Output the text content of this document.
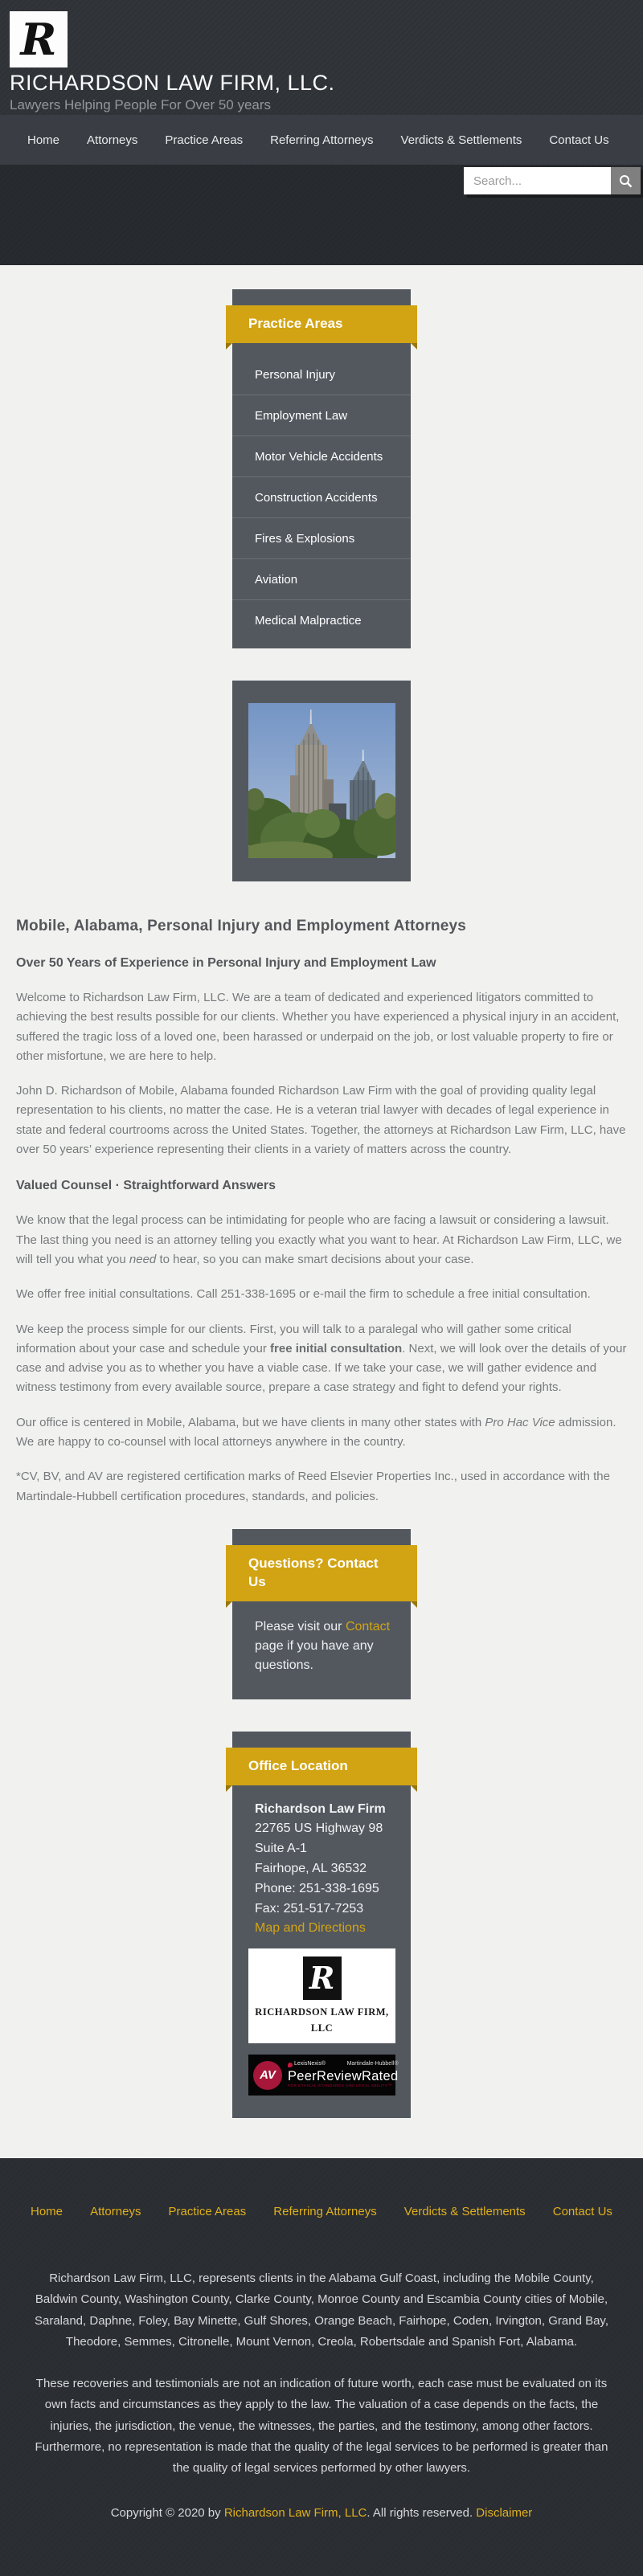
R
RICHARDSON LAW FIRM, LLC.
Lawyers Helping People For Over 50 years
Home Attorneys Practice Areas Referring Attorneys Verdicts & Settlements Contact Us
Search...
Practice Areas
Personal Injury
Employment Law
Motor Vehicle Accidents
Construction Accidents
Fires & Explosions
Aviation
Medical Malpractice
Mobile, Alabama, Personal Injury and Employment Attorneys
Over 50 Years of Experience in Personal Injury and Employment Law

Welcome to Richardson Law Firm, LLC. We are a team of dedicated and experienced litigators committed to achieving the best results possible for our clients. Whether you have experienced a physical injury in an accident, suffered the tragic loss of a loved one, been harassed or underpaid on the job, or lost valuable property to fire or other misfortune, we are here to help.

John D. Richardson of Mobile, Alabama founded Richardson Law Firm with the goal of providing quality legal representation to his clients, no matter the case. He is a veteran trial lawyer with decades of legal experience in state and federal courtrooms across the United States. Together, the attorneys at Richardson Law Firm, LLC, have over 50 years’ experience representing their clients in a variety of matters across the country.

Valued Counsel · Straightforward Answers

We know that the legal process can be intimidating for people who are facing a lawsuit or considering a lawsuit. The last thing you need is an attorney telling you exactly what you want to hear. At Richardson Law Firm, LLC, we will tell you what you need to hear, so you can make smart decisions about your case.

We offer free initial consultations. Call 251-338-1695 or e-mail the firm to schedule a free initial consultation.

We keep the process simple for our clients. First, you will talk to a paralegal who will gather some critical information about your case and schedule your free initial consultation. Next, we will look over the details of your case and advise you as to whether you have a viable case. If we take your case, we will gather evidence and witness testimony from every available source, prepare a case strategy and fight to defend your rights.

Our office is centered in Mobile, Alabama, but we have clients in many other states with Pro Hac Vice admission. We are happy to co-counsel with local attorneys anywhere in the country.

*CV, BV, and AV are registered certification marks of Reed Elsevier Properties Inc., used in accordance with the Martindale-Hubbell certification procedures, standards, and policies.

Questions? Contact Us
Please visit our Contact page if you have any questions.
Office Location
Richardson Law Firm
22765 US Highway 98
Suite A-1
Fairhope, AL 36532
Phone: 251-338-1695
Fax: 251-517-7253
Map and Directions
R
RICHARDSON LAW FIRM, LLC
AV
LexisNexis®	Martindale-Hubbell®
PeerReviewRated
FOR ETHICAL STANDARDS AND LEGAL ABILITY™
Home Attorneys Practice Areas Referring Attorneys Verdicts & Settlements Contact Us

Richardson Law Firm, LLC, represents clients in the Alabama Gulf Coast, including the Mobile County, Baldwin County, Washington County, Clarke County, Monroe County and Escambia County cities of Mobile, Saraland, Daphne, Foley, Bay Minette, Gulf Shores, Orange Beach, Fairhope, Coden, Irvington, Grand Bay, Theodore, Semmes, Citronelle, Mount Vernon, Creola, Robertsdale and Spanish Fort, Alabama.

These recoveries and testimonials are not an indication of future worth, each case must be evaluated on its own facts and circumstances as they apply to the law. The valuation of a case depends on the facts, the injuries, the jurisdiction, the venue, the witnesses, the parties, and the testimony, among other factors. Furthermore, no representation is made that the quality of the legal services to be performed is greater than the quality of legal services performed by other lawyers.

Copyright © 2020 by Richardson Law Firm, LLC. All rights reserved. Disclaimer
